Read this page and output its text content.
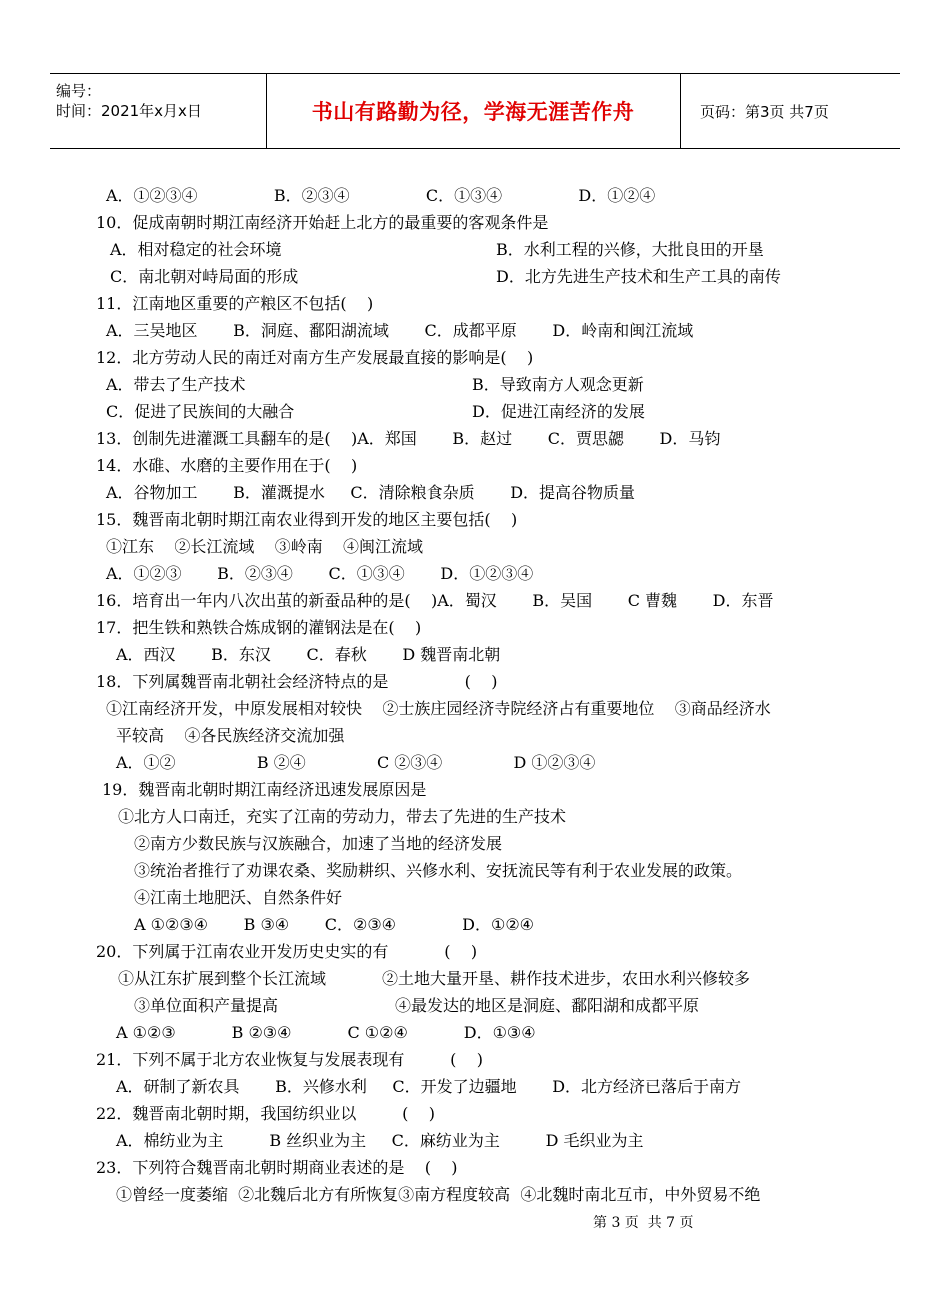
编号：
时间：2021年x月x日	书山有路勤为径，学海无涯苦作舟	页码：第3页 共7页
A．①②③④               B．②③④               C．①③④               D．①②④
10．促成南朝时期江南经济开始赶上北方的最重要的客观条件是
A．相对稳定的社会环境	B．水利工程的兴修，大批良田的开垦
C．南北朝对峙局面的形成	D．北方先进生产技术和生产工具的南传
11．江南地区重要的产粮区不包括(    )
A．三吴地区       B．洞庭、鄱阳湖流域       C．成都平原       D．岭南和闽江流域
12．北方劳动人民的南迁对南方生产发展最直接的影响是(    )
A．带去了生产技术	B．导致南方人观念更新
C．促进了民族间的大融合	D．促进江南经济的发展
13．创制先进灌溉工具翻车的是(    )A．郑国       B．赵过       C．贾思勰       D．马钧
14．水碓、水磨的主要作用在于(    )
A．谷物加工       B．灌溉提水     C．清除粮食杂质       D．提高谷物质量
15．魏晋南北朝时期江南农业得到开发的地区主要包括(    )
①江东    ②长江流域    ③岭南    ④闽江流域
A．①②③       B．②③④       C．①③④       D．①②③④
16．培育出一年内八次出茧的新蚕品种的是(    )A．蜀汉       B．吴国       C 曹魏       D．东晋
17．把生铁和熟铁合炼成钢的灌钢法是在(    )
A．西汉       B．东汉       C．春秋       D 魏晋南北朝
18．下列属魏晋南北朝社会经济特点的是               (    )
①江南经济开发，中原发展相对较快    ②士族庄园经济寺院经济占有重要地位    ③商品经济水
平较高    ④各民族经济交流加强
A．①②                B ②④              C ②③④              D ①②③④
19．魏晋南北朝时期江南经济迅速发展原因是
①北方人口南迁，充实了江南的劳动力，带去了先进的生产技术
②南方少数民族与汉族融合，加速了当地的经济发展
③统治者推行了劝课农桑、奖励耕织、兴修水利、安抚流民等有利于农业发展的政策。
④江南土地肥沃、自然条件好
A ①②③④       B ③④       C．②③④             D．①②④
20．下列属于江南农业开发历史史实的有           (    )
①从江东扩展到整个长江流域           ②土地大量开垦、耕作技术进步，农田水利兴修较多
③单位面积产量提高                       ④最发达的地区是洞庭、鄱阳湖和成都平原
A ①②③           B ②③④           C ①②④           D．①③④
21．下列不属于北方农业恢复与发展表现有         (    )
A．研制了新农具       B．兴修水利     C．开发了边疆地       D．北方经济已落后于南方
22．魏晋南北朝时期，我国纺织业以         (    )
A．棉纺业为主         B 丝织业为主     C．麻纺业为主         D 毛织业为主
23．下列符合魏晋南北朝时期商业表述的是    (    )
①曾经一度萎缩  ②北魏后北方有所恢复③南方程度较高  ④北魏时南北互市，中外贸易不绝
第 3 页  共 7 页
